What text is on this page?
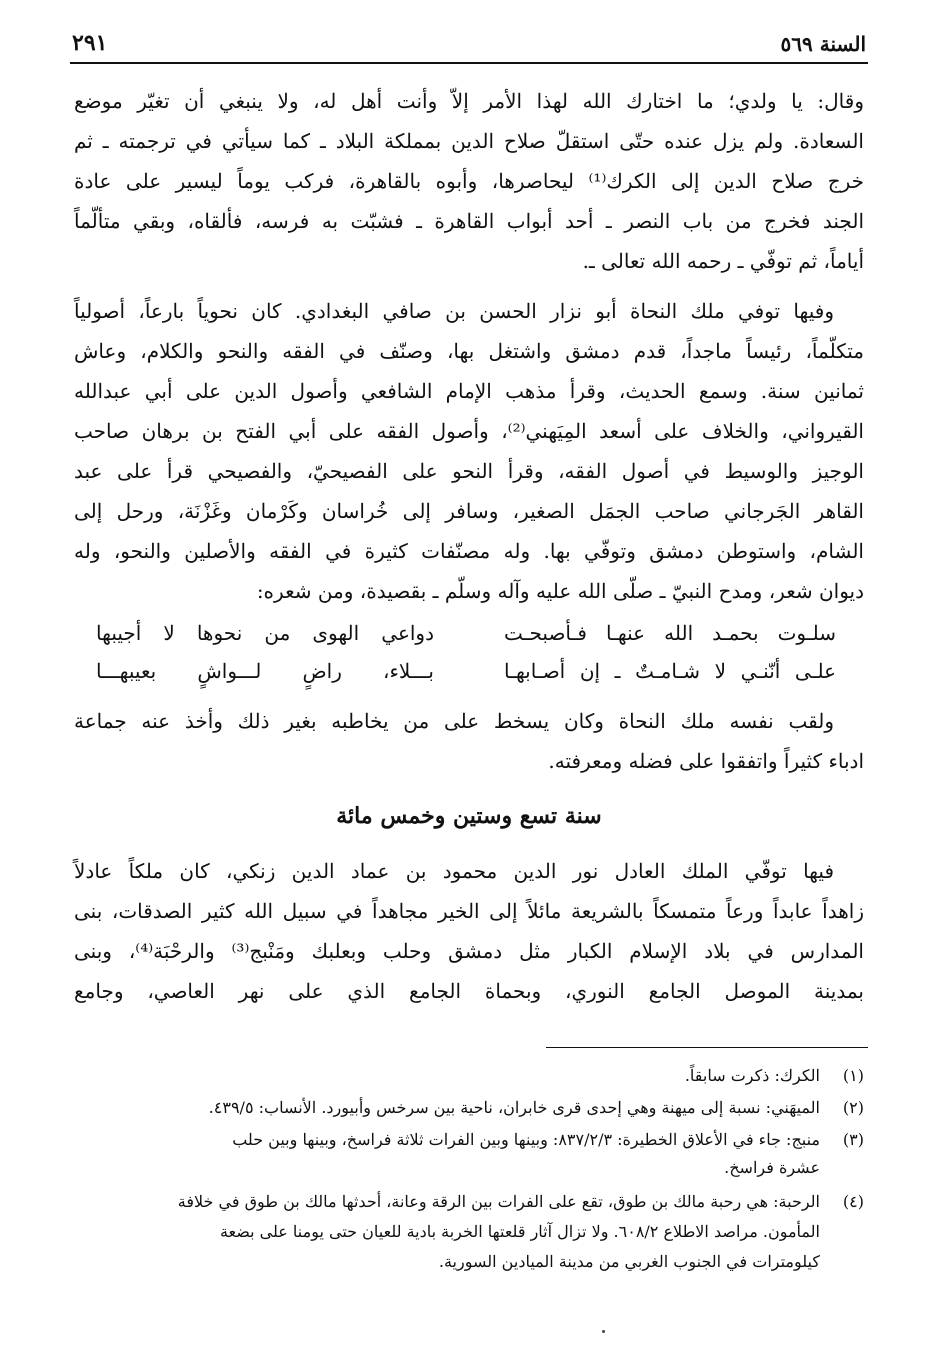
السنة ٥٦٩
٢٩١
وقال: يا ولدي؛ ما اختارك الله لهذا الأمر إلاّ وأنت أهل له، ولا ينبغي أن تغيّر موضع
السعادة. ولم يزل عنده حتّى استقلّ صلاح الدين بمملكة البلاد ـ كما سيأتي في ترجمته ـ ثم
خرج صلاح الدين إلى الكرك⁽¹⁾ ليحاصرها، وأبوه بالقاهرة، فركب يوماً ليسير على عادة
الجند فخرج من باب النصر ـ أحد أبواب القاهرة ـ فشبّت به فرسه، فألقاه، وبقي متألّماً
أياماً، ثم توفّي ـ رحمه الله تعالى ـ.
وفيها توفي ملك النحاة أبو نزار الحسن بن صافي البغدادي. كان نحوياً بارعاً، أصولياً
متكلّماً، رئيساً ماجداً، قدم دمشق واشتغل بها، وصنّف في الفقه والنحو والكلام، وعاش
ثمانين سنة. وسمع الحديث، وقرأ مذهب الإمام الشافعي وأصول الدين على أبي عبدالله
القيرواني، والخلاف على أسعد المِيَهني⁽²⁾، وأصول الفقه على أبي الفتح بن برهان صاحب
الوجيز والوسيط في أصول الفقه، وقرأ النحو على الفصيحيّ، والفصيحي قرأ على عبد
القاهر الجَرجاني صاحب الجمَل الصغير، وسافر إلى خُراسان وكَرْمان وغَزْنَة، ورحل إلى
الشام، واستوطن دمشق وتوفّي بها. وله مصنّفات كثيرة في الفقه والأصلين والنحو، وله
ديوان شعر، ومدح النبيّ ـ صلّى الله عليه وآله وسلّم ـ بقصيدة، ومن شعره:
سلـوت بحمـد الله عنهـا فـأصبحـت
دواعي الهوى من نحوها لا أجيبها
علـى أنّنـي لا شـامـتٌ ـ إن أصـابهـا
بـــلاء، راضٍ لـــواشٍ بعيبهـــا
ولقب نفسه ملك النحاة وكان يسخط على من يخاطبه بغير ذلك وأخذ عنه جماعة
ادباء كثيراً واتفقوا على فضله ومعرفته.
سنة تسع وستين وخمس مائة
فيها توفّي الملك العادل نور الدين محمود بن عماد الدين زنكي، كان ملكاً عادلاً
زاهداً عابداً ورعاً متمسكاً بالشريعة مائلاً إلى الخير مجاهداً في سبيل الله كثير الصدقات، بنى
المدارس في بلاد الإسلام الكبار مثل دمشق وحلب وبعلبك ومَنْبج⁽³⁾ والرحْبَة⁽⁴⁾، وبنى
بمدينة الموصل الجامع النوري، وبحماة الجامع الذي على نهر العاصي، وجامع
(١)الكرك: ذكرت سابقاً.
(٢)الميهَني: نسبة إلى ميهنة وهي إحدى قرى خابران، ناحية بين سرخس وأبيورد. الأنساب: ٤٣٩/٥.
(٣)منبج: جاء في الأعلاق الخطيرة: ٨٣٧/٢/٣: وبينها وبين الفرات ثلاثة فراسخ، وبينها وبين حلب
عشرة فراسخ.
(٤)الرحبة: هي رحبة مالك بن طوق، تقع على الفرات بين الرقة وعانة، أحدثها مالك بن طوق في خلافة
المأمون. مراصد الاطلاع ٦٠٨/٢. ولا تزال آثار قلعتها الخربة بادية للعيان حتى يومنا على بضعة
كيلومترات في الجنوب الغربي من مدينة الميادين السورية.
